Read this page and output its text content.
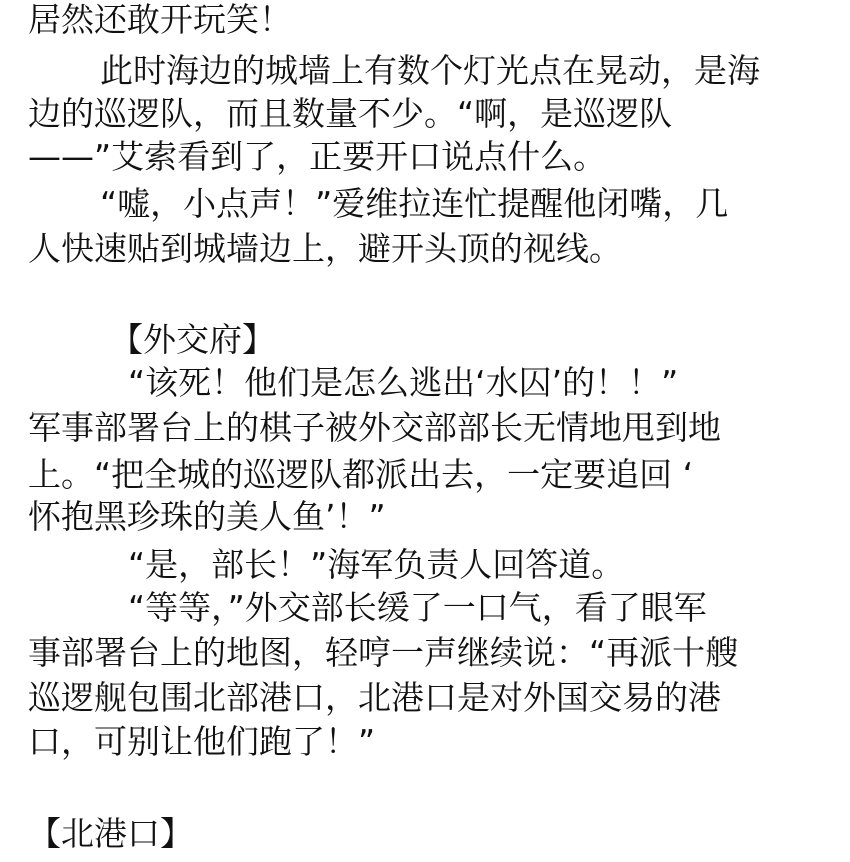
居然还敢开玩笑！

此时海边的城墙上有数个灯光点在晃动，是海

边的巡逻队，而且数量不少。“啊，是巡逻队

——”艾索看到了，正要开口说点什么。

“嘘，小点声！”爱维拉连忙提醒他闭嘴，几

人快速贴到城墙边上，避开头顶的视线。

【外交府】

“该死！他们是怎么逃出‘水囚’的！！”

军事部署台上的棋子被外交部部长无情地甩到地

上。“把全城的巡逻队都派出去，一定要追回 ‘

怀抱黑珍珠的美人鱼’！”

“是，部长！”海军负责人回答道。

“等等，”外交部长缓了一口气，看了眼军

事部署台上的地图，轻哼一声继续说：“再派十艘

巡逻舰包围北部港口，北港口是对外国交易的港

口，可别让他们跑了！”

【北港口】
